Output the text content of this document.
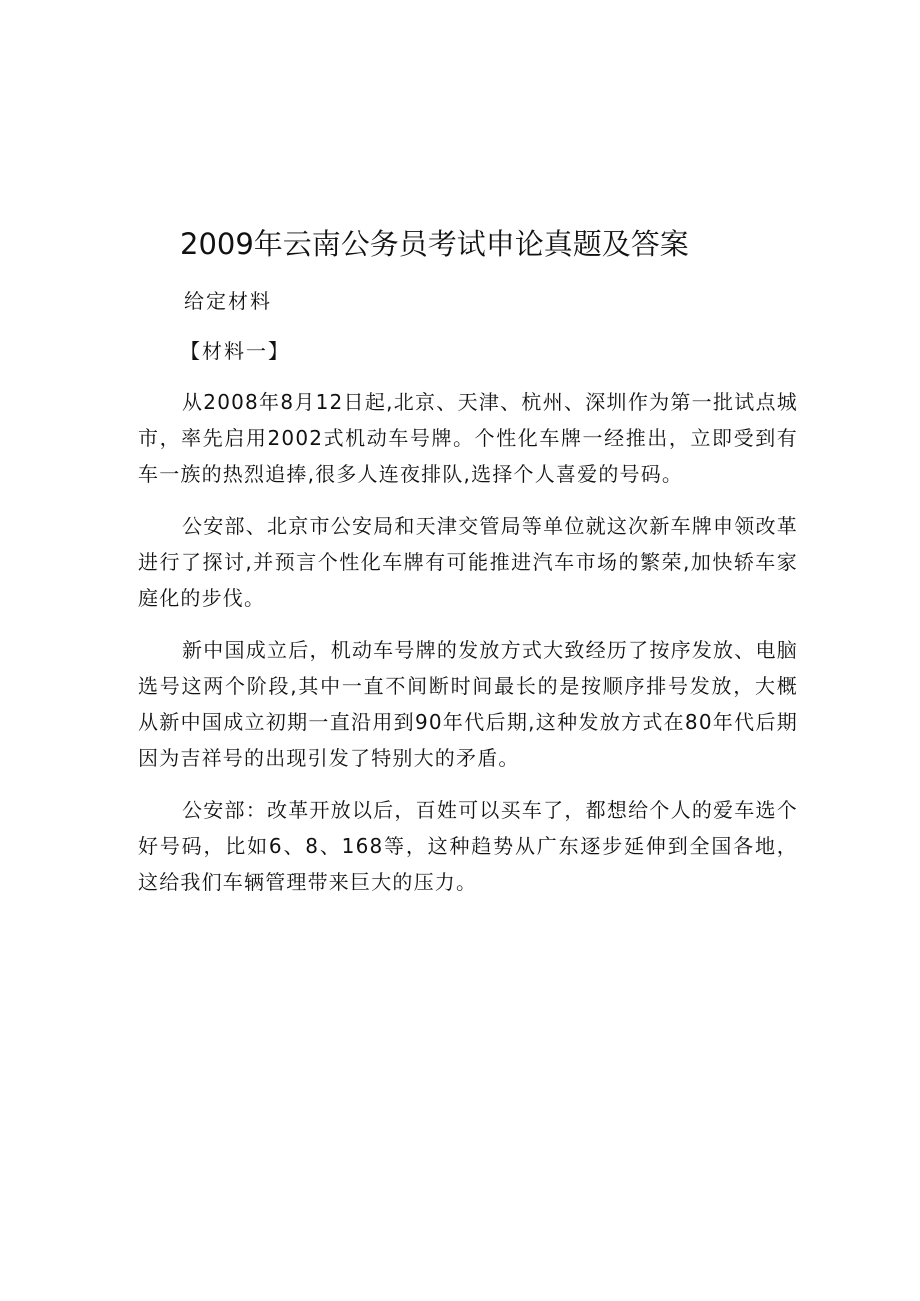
2009年云南公务员考试申论真题及答案
给定材料
【材料一】

从2008年8月12日起,北京、天津、杭州、深圳作为第一批试点城市，率先启用2002式机动车号牌。个性化车牌一经推出，立即受到有车一族的热烈追捧,很多人连夜排队,选择个人喜爱的号码。

公安部、北京市公安局和天津交管局等单位就这次新车牌申领改革进行了探讨,并预言个性化车牌有可能推进汽车市场的繁荣,加快轿车家庭化的步伐。

新中国成立后，机动车号牌的发放方式大致经历了按序发放、电脑选号这两个阶段,其中一直不间断时间最长的是按顺序排号发放，大概从新中国成立初期一直沿用到90年代后期,这种发放方式在80年代后期因为吉祥号的出现引发了特别大的矛盾。

公安部：改革开放以后，百姓可以买车了，都想给个人的爱车选个好号码，比如6、8、168等，这种趋势从广东逐步延伸到全国各地，这给我们车辆管理带来巨大的压力。
